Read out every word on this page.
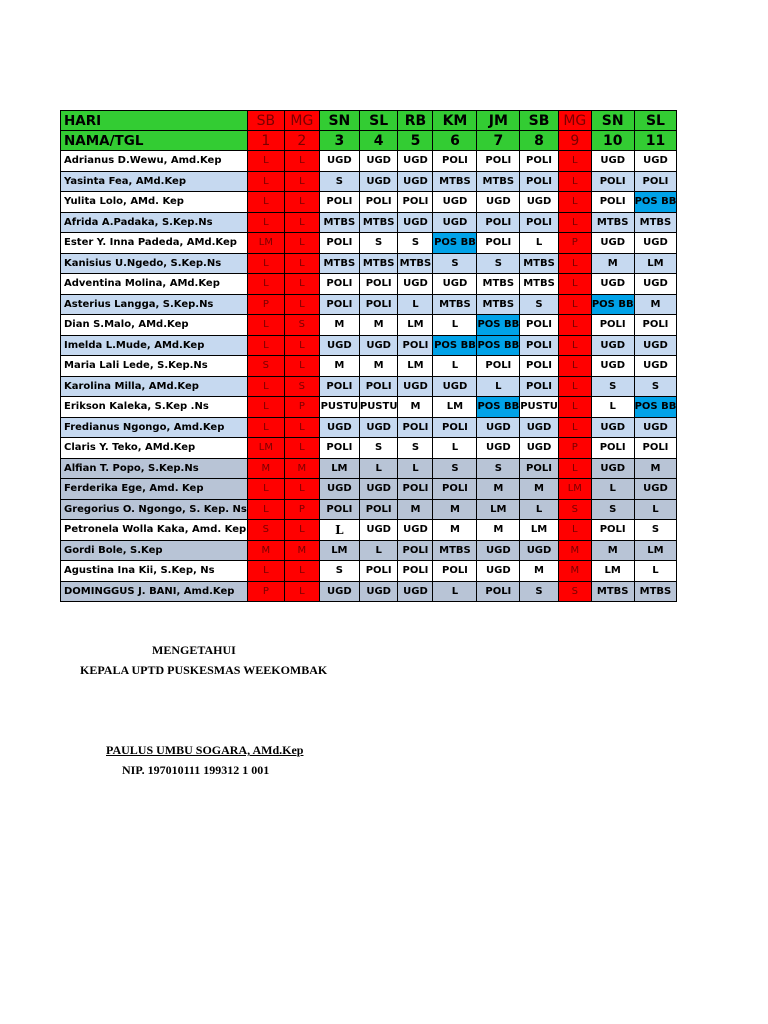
HARI	SB	MG	SN	SL	RB	KM	JM	SB	MG	SN	SL
NAMA/TGL	1	2	3	4	5	6	7	8	9	10	11
Adrianus D.Wewu, Amd.Kep	L	L	UGD	UGD	UGD	POLI	POLI	POLI	L	UGD	UGD
Yasinta Fea, AMd.Kep	L	L	S	UGD	UGD	MTBS	MTBS	POLI	L	POLI	POLI
Yulita Lolo, AMd. Kep	L	L	POLI	POLI	POLI	UGD	UGD	UGD	L	POLI	POS BB
Afrida A.Padaka, S.Kep.Ns	L	L	MTBS	MTBS	UGD	UGD	POLI	POLI	L	MTBS	MTBS
Ester Y. Inna Padeda, AMd.Kep	LM	L	POLI	S	S	POS BB	POLI	L	P	UGD	UGD
Kanisius U.Ngedo, S.Kep.Ns	L	L	MTBS	MTBS	MTBS	S	S	MTBS	L	M	LM
Adventina Molina, AMd.Kep	L	L	POLI	POLI	UGD	UGD	MTBS	MTBS	L	UGD	UGD
Asterius Langga, S.Kep.Ns	P	L	POLI	POLI	L	MTBS	MTBS	S	L	POS BB	M
Dian S.Malo, AMd.Kep	L	S	M	M	LM	L	POS BB	POLI	L	POLI	POLI
Imelda L.Mude, AMd.Kep	L	L	UGD	UGD	POLI	POS BB	POS BB	POLI	L	UGD	UGD
Maria Lali Lede, S.Kep.Ns	S	L	M	M	LM	L	POLI	POLI	L	UGD	UGD
Karolina Milla, AMd.Kep	L	S	POLI	POLI	UGD	UGD	L	POLI	L	S	S
Erikson Kaleka, S.Kep .Ns	L	P	PUSTU	PUSTU	M	LM	POS BB	PUSTU	L	L	POS BB
Fredianus Ngongo, Amd.Kep	L	L	UGD	UGD	POLI	POLI	UGD	UGD	L	UGD	UGD
Claris Y. Teko, AMd.Kep	LM	L	POLI	S	S	L	UGD	UGD	P	POLI	POLI
Alfian T. Popo, S.Kep.Ns	M	M	LM	L	L	S	S	POLI	L	UGD	M
Ferderika Ege, Amd. Kep	L	L	UGD	UGD	POLI	POLI	M	M	LM	L	UGD
Gregorius O. Ngongo, S. Kep. Ns	L	P	POLI	POLI	M	M	LM	L	S	S	L
Petronela Wolla Kaka, Amd. Kep	S	L	L	UGD	UGD	M	M	LM	L	POLI	S
Gordi Bole, S.Kep	M	M	LM	L	POLI	MTBS	UGD	UGD	M	M	LM
Agustina Ina Kii, S.Kep, Ns	L	L	S	POLI	POLI	POLI	UGD	M	M	LM	L
DOMINGGUS J. BANI, Amd.Kep	P	L	UGD	UGD	UGD	L	POLI	S	S	MTBS	MTBS
MENGETAHUI
KEPALA UPTD PUSKESMAS WEEKOMBAK
PAULUS UMBU SOGARA, AMd.Kep
NIP. 197010111 199312 1 001
